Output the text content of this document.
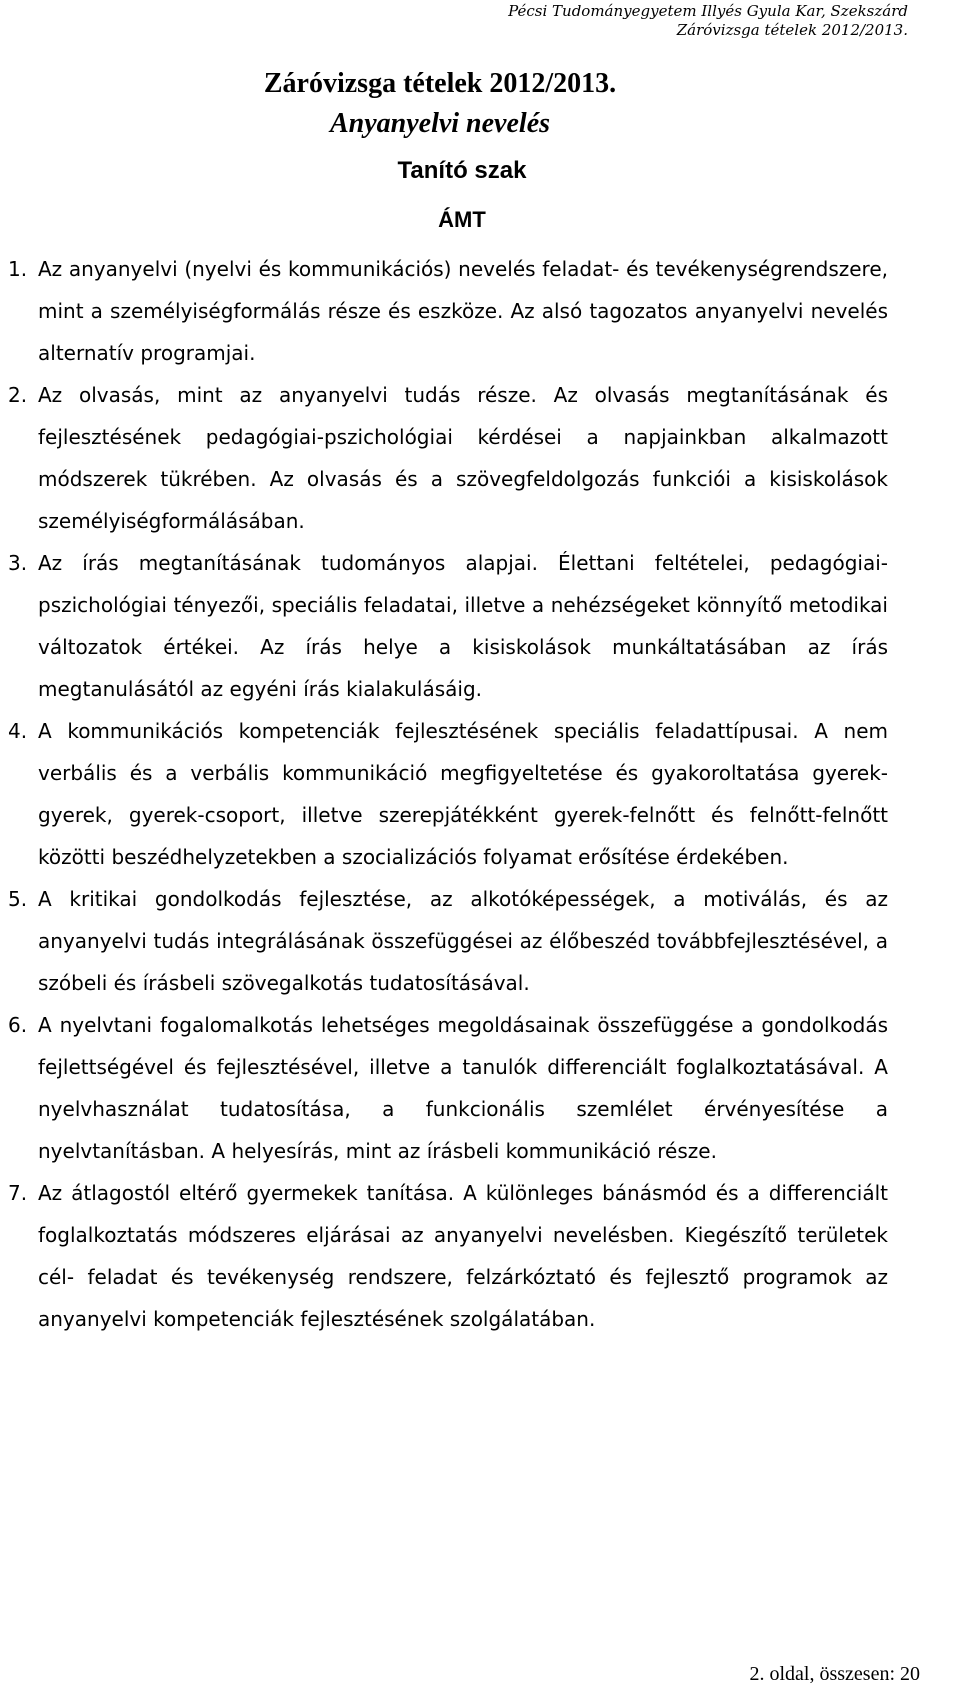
Pécsi Tudományegyetem Illyés Gyula Kar, Szekszárd
Záróvizsga tételek 2012/2013.
Záróvizsga tételek 2012/2013.
Anyanyelvi nevelés
Tanító szak
ÁMT
1. Az anyanyelvi (nyelvi és kommunikációs) nevelés feladat- és tevékenységrendszere, mint a személyiségformálás része és eszköze. Az alsó tagozatos anyanyelvi nevelés alternatív programjai.
2. Az olvasás, mint az anyanyelvi tudás része. Az olvasás megtanításának és fejlesztésének pedagógiai-pszichológiai kérdései a napjainkban alkalmazott módszerek tükrében. Az olvasás és a szövegfeldolgozás funkciói a kisiskolások személyiségformálásában.
3. Az írás megtanításának tudományos alapjai. Élettani feltételei, pedagógiai-pszichológiai tényezői, speciális feladatai, illetve a nehézségeket könnyítő metodikai változatok értékei. Az írás helye a kisiskolások munkáltatásában az írás megtanulásától az egyéni írás kialakulásáig.
4. A kommunikációs kompetenciák fejlesztésének speciális feladattípusai. A nem verbális és a verbális kommunikáció megfigyeltetése és gyakoroltatása gyerek-gyerek, gyerek-csoport, illetve szerepjátékként gyerek-felnőtt és felnőtt-felnőtt közötti beszédhelyzetekben a szocializációs folyamat erősítése érdekében.
5. A kritikai gondolkodás fejlesztése, az alkotóképességek, a motiválás, és az anyanyelvi tudás integrálásának összefüggései az élőbeszéd továbbfejlesztésével, a szóbeli és írásbeli szövegalkotás tudatosításával.
6. A nyelvtani fogalomalkotás lehetséges megoldásainak összefüggése a gondolkodás fejlettségével és fejlesztésével, illetve a tanulók differenciált foglalkoztatásával. A nyelvhasználat tudatosítása, a funkcionális szemlélet érvényesítése a nyelvtanításban. A helyesírás, mint az írásbeli kommunikáció része.
7. Az átlagostól eltérő gyermekek tanítása. A különleges bánásmód és a differenciált foglalkoztatás módszeres eljárásai az anyanyelvi nevelésben. Kiegészítő területek cél- feladat és tevékenység rendszere, felzárkóztató és fejlesztő programok az anyanyelvi kompetenciák fejlesztésének szolgálatában.
2. oldal, összesen: 20
